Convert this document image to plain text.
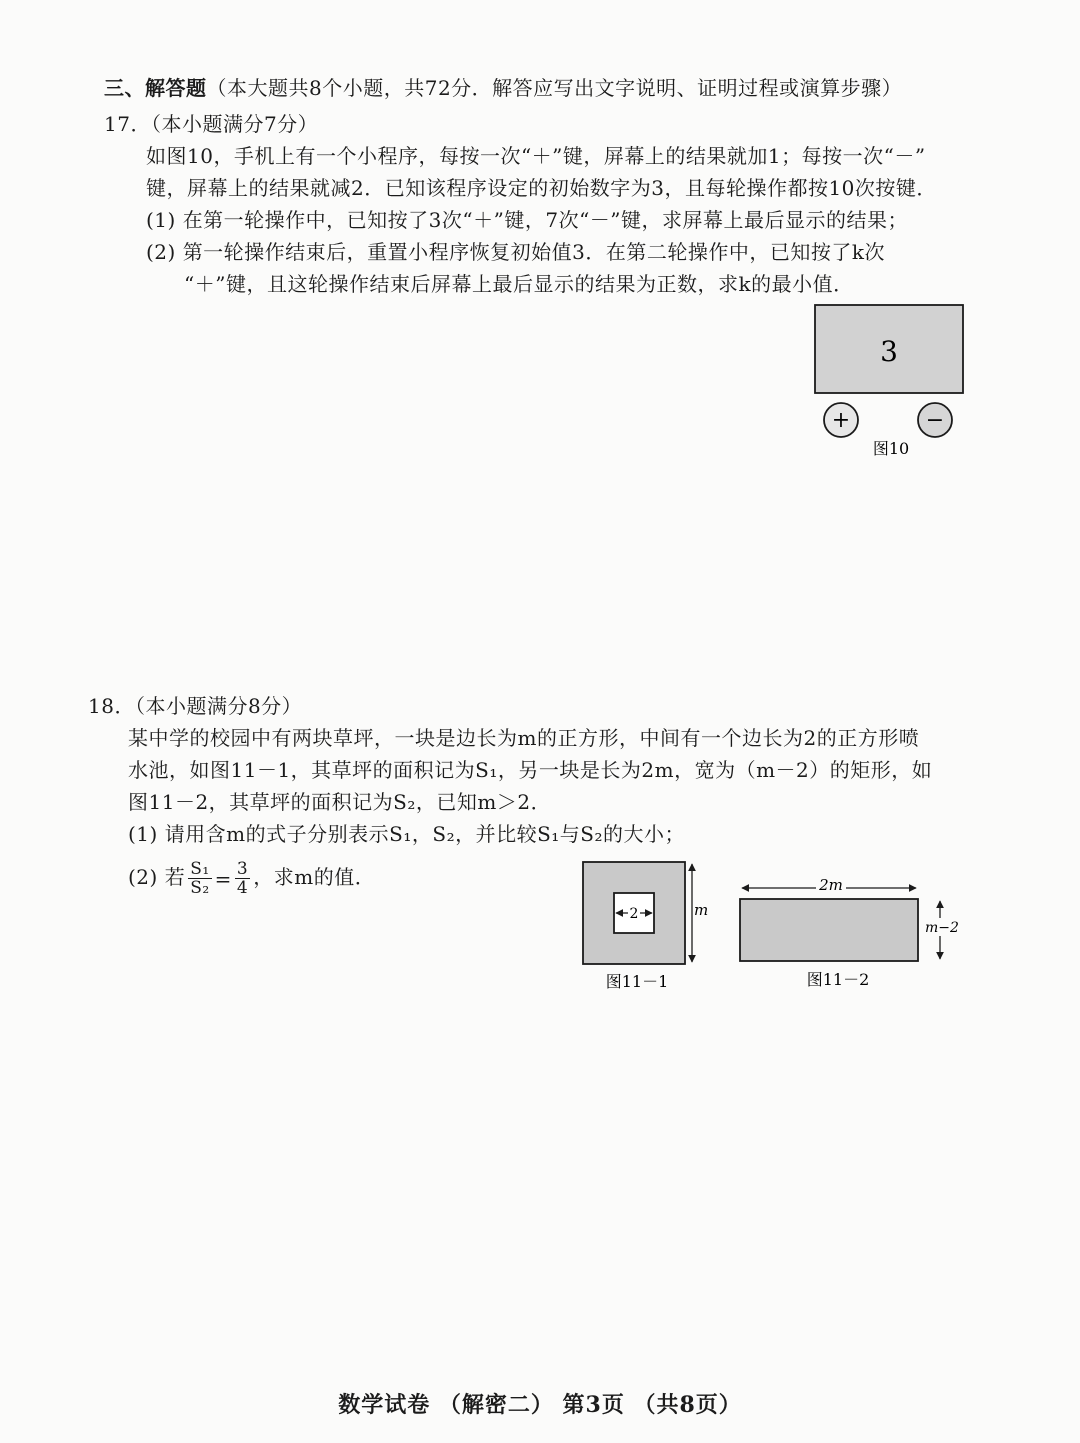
三、解答题（本大题共8个小题，共72分．解答应写出文字说明、证明过程或演算步骤）
17．（本小题满分7分）
如图10，手机上有一个小程序，每按一次“＋”键，屏幕上的结果就加1；每按一次“－”
键，屏幕上的结果就减2．已知该程序设定的初始数字为3，且每轮操作都按10次按键．
(1) 在第一轮操作中，已知按了3次“＋”键，7次“－”键，求屏幕上最后显示的结果；
(2) 第一轮操作结束后，重置小程序恢复初始值3．在第二轮操作中，已知按了k次
“＋”键，且这轮操作结束后屏幕上最后显示的结果为正数，求k的最小值．
3
+	−
图10
18．（本小题满分8分）
某中学的校园中有两块草坪，一块是边长为m的正方形，中间有一个边长为2的正方形喷
水池，如图11－1，其草坪的面积记为S₁，另一块是长为2m，宽为（m－2）的矩形，如
图11－2，其草坪的面积记为S₂，已知m＞2．
(1) 请用含m的式子分别表示S₁，S₂，并比较S₁与S₂的大小；
(2) 若 $\frac{\text{S₁}}{\text{S₂}} = \frac{3}{4}$ ，求m的值．
2	m
图11－1
2m
m−2
图11－2
数学试卷 （解密二） 第3页 （共8页）
